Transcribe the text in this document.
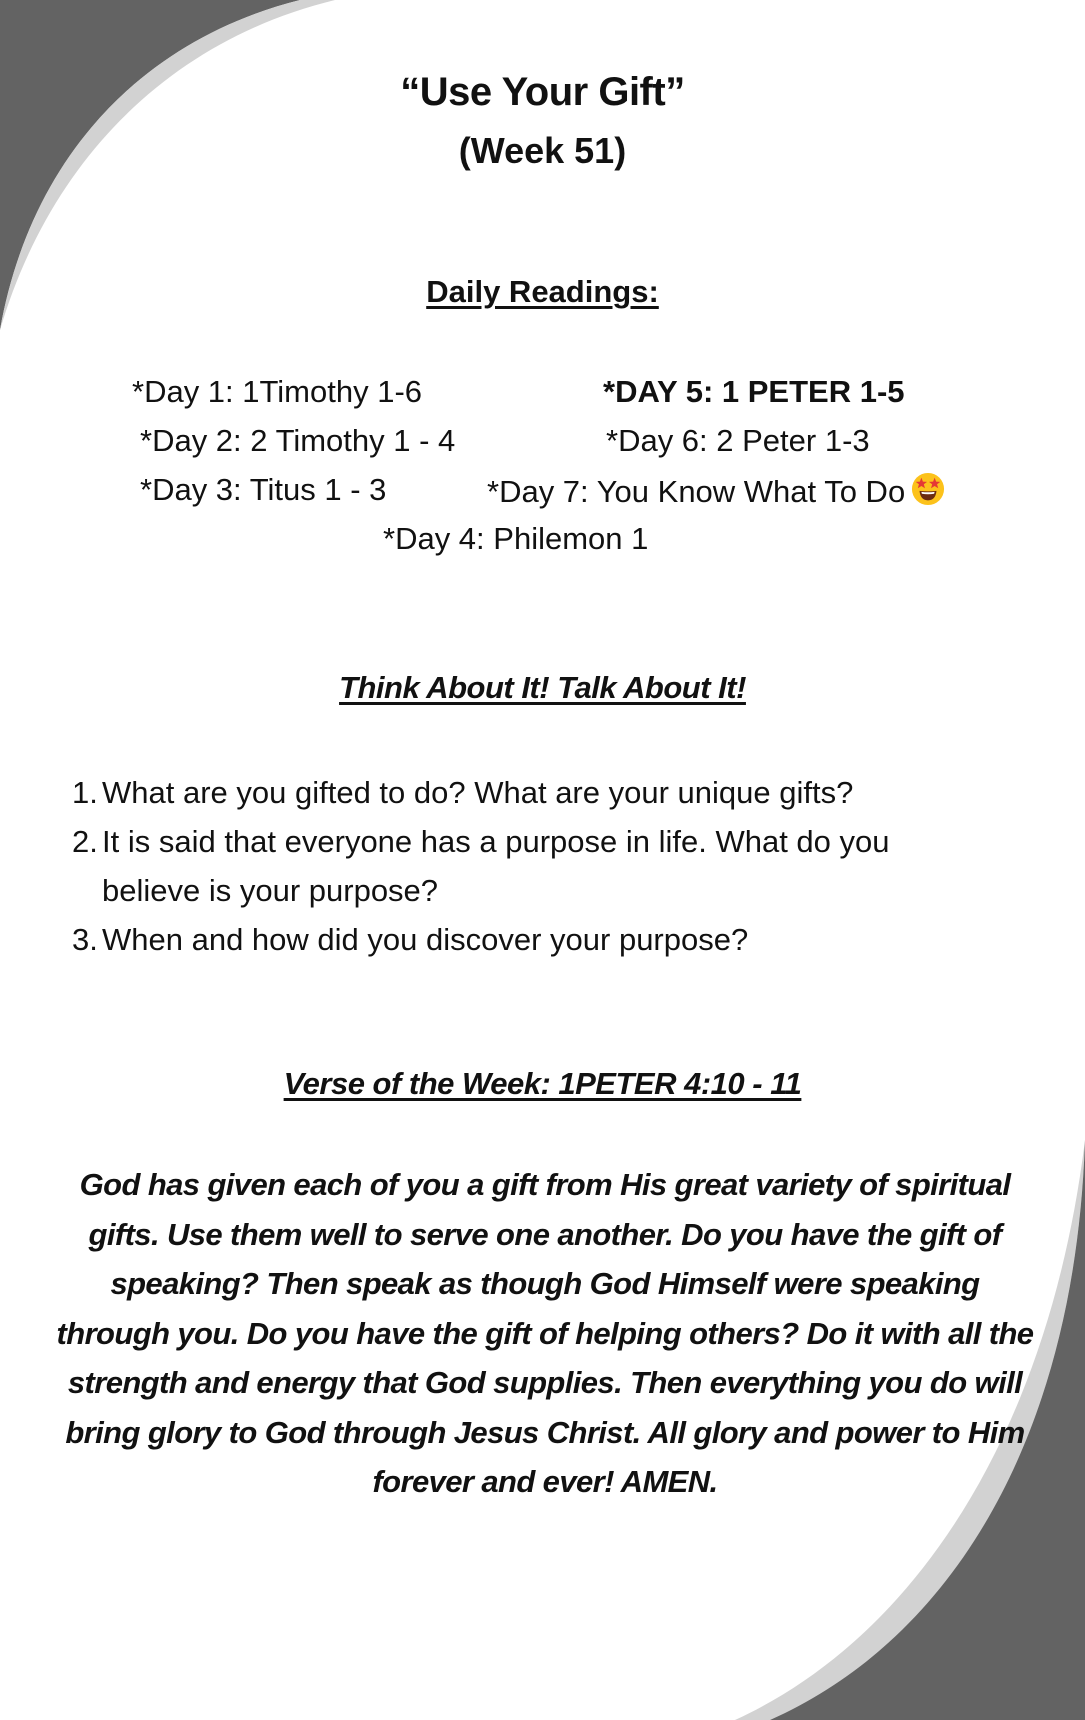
“Use Your Gift”
(Week 51)
Daily Readings:
*Day 1: 1Timothy 1-6	*DAY 5: 1 PETER 1-5
*Day 2: 2 Timothy 1 - 4	*Day 6: 2 Peter 1-3
*Day 3: Titus 1 - 3	*Day 7: You Know What To Do
*Day 4: Philemon 1
Think About It! Talk About It!
1. What are you gifted to do? What are your unique gifts?
2. It is said that everyone has a purpose in life. What do you believe is your purpose?
3. When and how did you discover your purpose?
Verse of the Week: 1PETER 4:10 - 11
God has given each of you a gift from His great variety of spiritual gifts. Use them well to serve one another. Do you have the gift of speaking? Then speak as though God Himself were speaking through you. Do you have the gift of helping others? Do it with all the strength and energy that God supplies. Then everything you do will bring glory to God through Jesus Christ. All glory and power to Him forever and ever! AMEN.
